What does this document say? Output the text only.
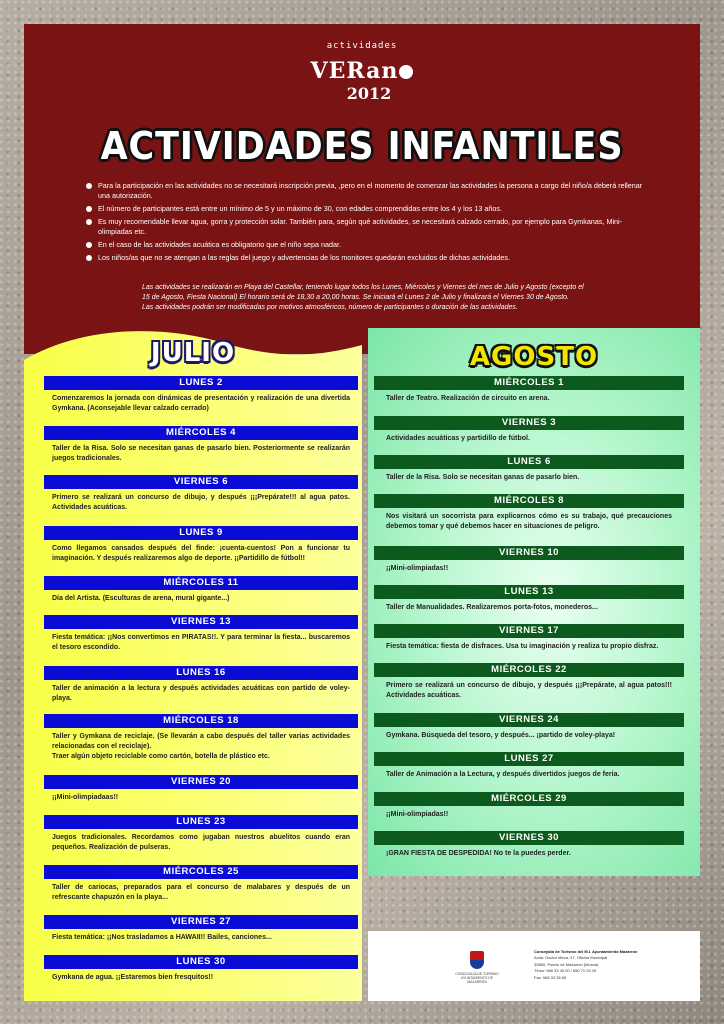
actividades
VERan
2012
ACTIVIDADES INFANTILES
Para la participación en las actividades no se necesitará inscripción previa, ,pero en el momento de comenzar las actividades la persona a cargo del niño/a deberá rellenar una autorización.
El número de participantes está entre un mínimo de 5 y un máximo de 30, con edades comprendidas entre los 4 y los 13 años.
Es muy recomendable llevar agua, gorra y protección solar. También para, según qué actividades, se necesitará calzado cerrado, por ejemplo para Gymkanas, Mini-olimpiadas etc.
En el caso de las actividades acuática es obligatorio que el niño sepa nadar.
Los niños/as que no se atengan a las reglas del juego y advertencias de los monitores quedarán excluidos de dichas actividades.

Las actividades se realizarán en Playa del Castellar, teniendo lugar todos los Lunes, Miércoles y Viernes del mes de Julio y Agosto (excepto el

15 de Agosto, Fiesta Nacional) El horario será de 18,30 a 20,00 horas. Se iniciará el Lunes 2 de Julio y finalizará el Viernes 30 de Agosto.

Las actividades podrán ser modificadas por motivos atmosféricos, número de participantes o duración de las actividades.

JULIO	AGOSTO
LUNES 2
Comenzaremos la jornada con dinámicas de presentación y realización de una divertida Gymkana. (Aconsejable llevar calzado cerrado)
MIÉRCOLES 4
Taller de la Risa. Solo se necesitan ganas de pasarlo bien. Posteriormente se realizarán juegos tradicionales.
VIERNES 6
Primero se realizará un concurso de dibujo, y después ¡¡¡Prepárate!!! al agua patos. Actividades acuáticas.
LUNES 9
Como llegamos cansados después del finde: ¡cuenta-cuentos! Pon a funcionar tu imaginación. Y después realizaremos algo de deporte. ¡¡Partidillo de fútbol!!
MIÉRCOLES 11
Día del Artista. (Esculturas de arena, mural gigante...)
VIERNES 13
Fiesta temática: ¡¡Nos convertimos en PIRATAS!!. Y para terminar la fiesta... buscaremos el tesoro escondido.
LUNES 16
Taller de animación a la lectura y después actividades acuáticas con partido de voley-playa.
MIÉRCOLES 18
Taller y Gymkana de reciclaje. (Se llevarán a cabo después del taller varias actividades relacionadas con el reciclaje).
Traer algún objeto reciclable como cartón, botella de plástico etc.
VIERNES 20
¡¡Mini-olimpiadaas!!
LUNES 23
Juegos tradicionales. Recordamos como jugaban nuestros abuelitos cuando eran pequeños. Realización de pulseras.
MIÉRCOLES 25
Taller de cariocas, preparados para el concurso de malabares y después de un refrescante chapuzón en la playa...
VIERNES 27
Fiesta temática: ¡¡Nos trasladamos a HAWAII!! Bailes, canciones...
LUNES 30
Gymkana de agua. ¡¡Estaremos bien fresquitos!!
MIÉRCOLES 1
Taller de Teatro. Realización de circuito en arena.
VIERNES 3
Actividades acuáticas y partidillo de fútbol.
LUNES 6
Taller de la Risa. Solo se necesitan ganas de pasarlo bien.
MIÉRCOLES 8
Nos visitará un socorrista para explicarnos cómo es su trabajo, qué precauciones debemos tomar y qué debemos hacer en situaciones de peligro.
VIERNES 10
¡¡Mini-olimpiadas!!
LUNES 13
Taller de Manualidades. Realizaremos porta-fotos, monederos...
VIERNES 17
Fiesta temática: fiesta de disfraces. Usa tu imaginación y realiza tu propio disfraz.
MIÉRCOLES 22
Primero se realizará un concurso de dibujo, y después ¡¡¡Prepárate, al agua patos!!! Actividades acuáticas.
VIERNES 24
Gymkana. Búsqueda del tesoro, y después... ¡partido de voley-playa!
LUNES 27
Taller de Animación a la Lectura, y después divertidos juegos de feria.
MIÉRCOLES 29
¡¡Mini-olimpiadas!!
VIERNES 30
¡GRAN FIESTA DE DESPEDIDA! No te la puedes perder.
CONCEJALÍA DE TURISMO
AYUNTAMIENTO DE MAZARRÓN
Concejalía de Turismo del M.I. Ayuntamiento Mazarrón
Avda. Doctor Meca, 47. Oficina Municipal
30860, Puerto de Mazarrón (Murcia)
Tfnos: 968 33 40 00 / 650 71 03 29
Fax: 968 33 36 65
